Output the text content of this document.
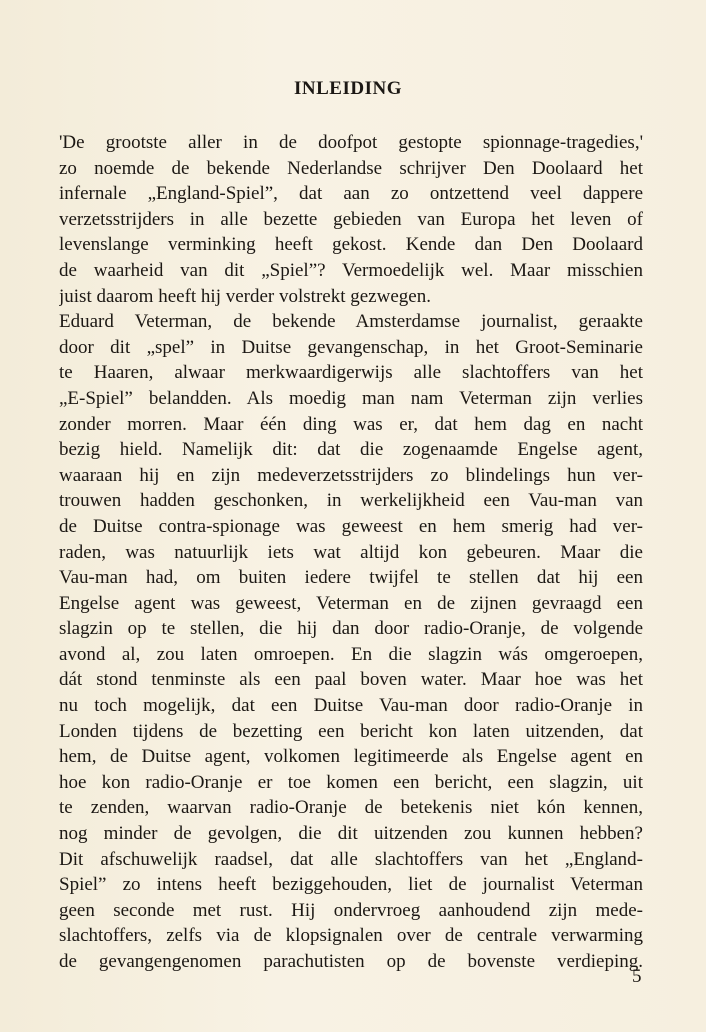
INLEIDING
'De grootste aller in de doofpot gestopte spionnage-tragedies,'
zo noemde de bekende Nederlandse schrijver Den Doolaard het
infernale „England-Spiel”, dat aan zo ontzettend veel dappere
verzetsstrijders in alle bezette gebieden van Europa het leven of
levenslange verminking heeft gekost. Kende dan Den Doolaard
de waarheid van dit „Spiel”? Vermoedelijk wel. Maar misschien
juist daarom heeft hij verder volstrekt gezwegen.
Eduard Veterman, de bekende Amsterdamse journalist, geraakte
door dit „spel” in Duitse gevangenschap, in het Groot-Seminarie
te Haaren, alwaar merkwaardigerwijs alle slachtoffers van het
„E-Spiel” belandden. Als moedig man nam Veterman zijn verlies
zonder morren. Maar één ding was er, dat hem dag en nacht
bezig hield. Namelijk dit: dat die zogenaamde Engelse agent,
waaraan hij en zijn medeverzetsstrijders zo blindelings hun ver-
trouwen hadden geschonken, in werkelijkheid een Vau-man van
de Duitse contra-spionage was geweest en hem smerig had ver-
raden, was natuurlijk iets wat altijd kon gebeuren. Maar die
Vau-man had, om buiten iedere twijfel te stellen dat hij een
Engelse agent was geweest, Veterman en de zijnen gevraagd een
slagzin op te stellen, die hij dan door radio-Oranje, de volgende
avond al, zou laten omroepen. En die slagzin wás omgeroepen,
dát stond tenminste als een paal boven water. Maar hoe was het
nu toch mogelijk, dat een Duitse Vau-man door radio-Oranje in
Londen tijdens de bezetting een bericht kon laten uitzenden, dat
hem, de Duitse agent, volkomen legitimeerde als Engelse agent en
hoe kon radio-Oranje er toe komen een bericht, een slagzin, uit
te zenden, waarvan radio-Oranje de betekenis niet kón kennen,
nog minder de gevolgen, die dit uitzenden zou kunnen hebben?
Dit afschuwelijk raadsel, dat alle slachtoffers van het „England-
Spiel” zo intens heeft beziggehouden, liet de journalist Veterman
geen seconde met rust. Hij ondervroeg aanhoudend zijn mede-
slachtoffers, zelfs via de klopsignalen over de centrale verwarming
de gevangengenomen parachutisten op de bovenste verdieping.
5
